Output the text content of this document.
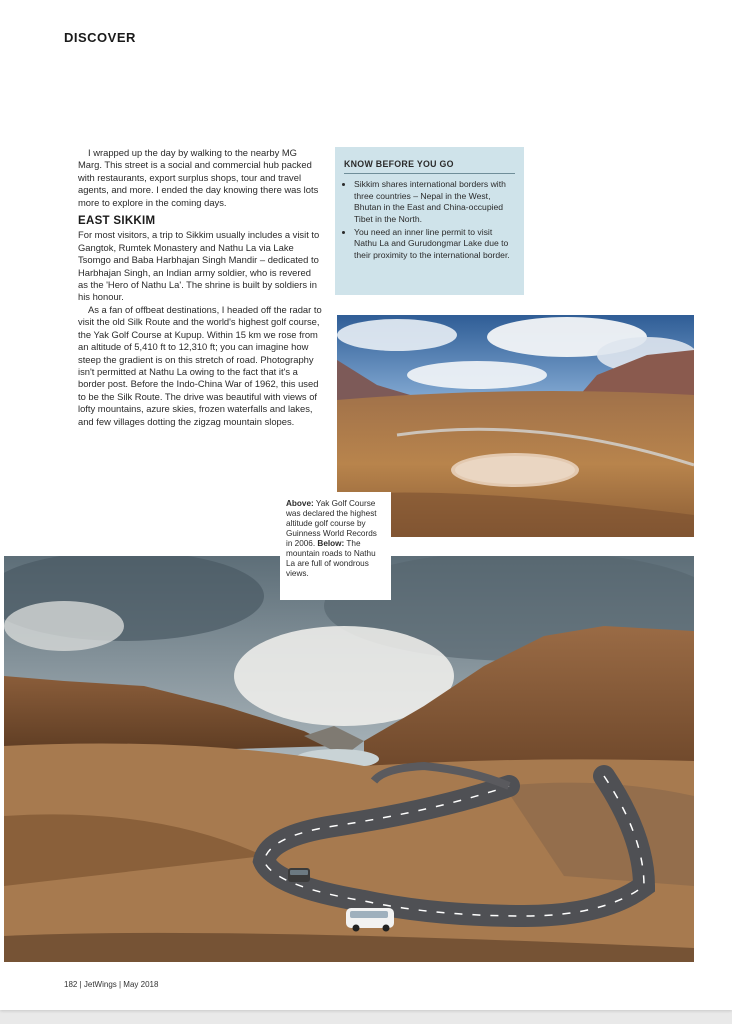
DISCOVER

I wrapped up the day by walking to the nearby MG Marg. This street is a social and commercial hub packed with restaurants, export surplus shops, tour and travel agents, and more. I ended the day knowing there was lots more to explore in the coming days.

EAST SIKKIM

For most visitors, a trip to Sikkim usually includes a visit to Gangtok, Rumtek Monastery and Nathu La via Lake Tsomgo and Baba Harbhajan Singh Mandir – dedicated to Harbhajan Singh, an Indian army soldier, who is revered as the 'Hero of Nathu La'. The shrine is built by soldiers in his honour.

As a fan of offbeat destinations, I headed off the radar to visit the old Silk Route and the world's highest golf course, the Yak Golf Course at Kupup. Within 15 km we rose from an altitude of 5,410 ft to 12,310 ft; you can imagine how steep the gradient is on this stretch of road. Photography isn't permitted at Nathu La owing to the fact that it's a border post. Before the Indo-China War of 1962, this used to be the Silk Route. The drive was beautiful with views of lofty mountains, azure skies, frozen waterfalls and lakes, and few villages dotting the zigzag mountain slopes.

KNOW BEFORE YOU GO
• Sikkim shares international borders with three countries – Nepal in the West, Bhutan in the East and China-occupied Tibet in the North.
• You need an inner line permit to visit Nathu La and Gurudongmar Lake due to their proximity to the international border.
Above: Yak Golf Course was declared the highest altitude golf course by Guinness World Records in 2006. Below: The mountain roads to Nathu La are full of wondrous views.
182 | JetWings | May 2018
